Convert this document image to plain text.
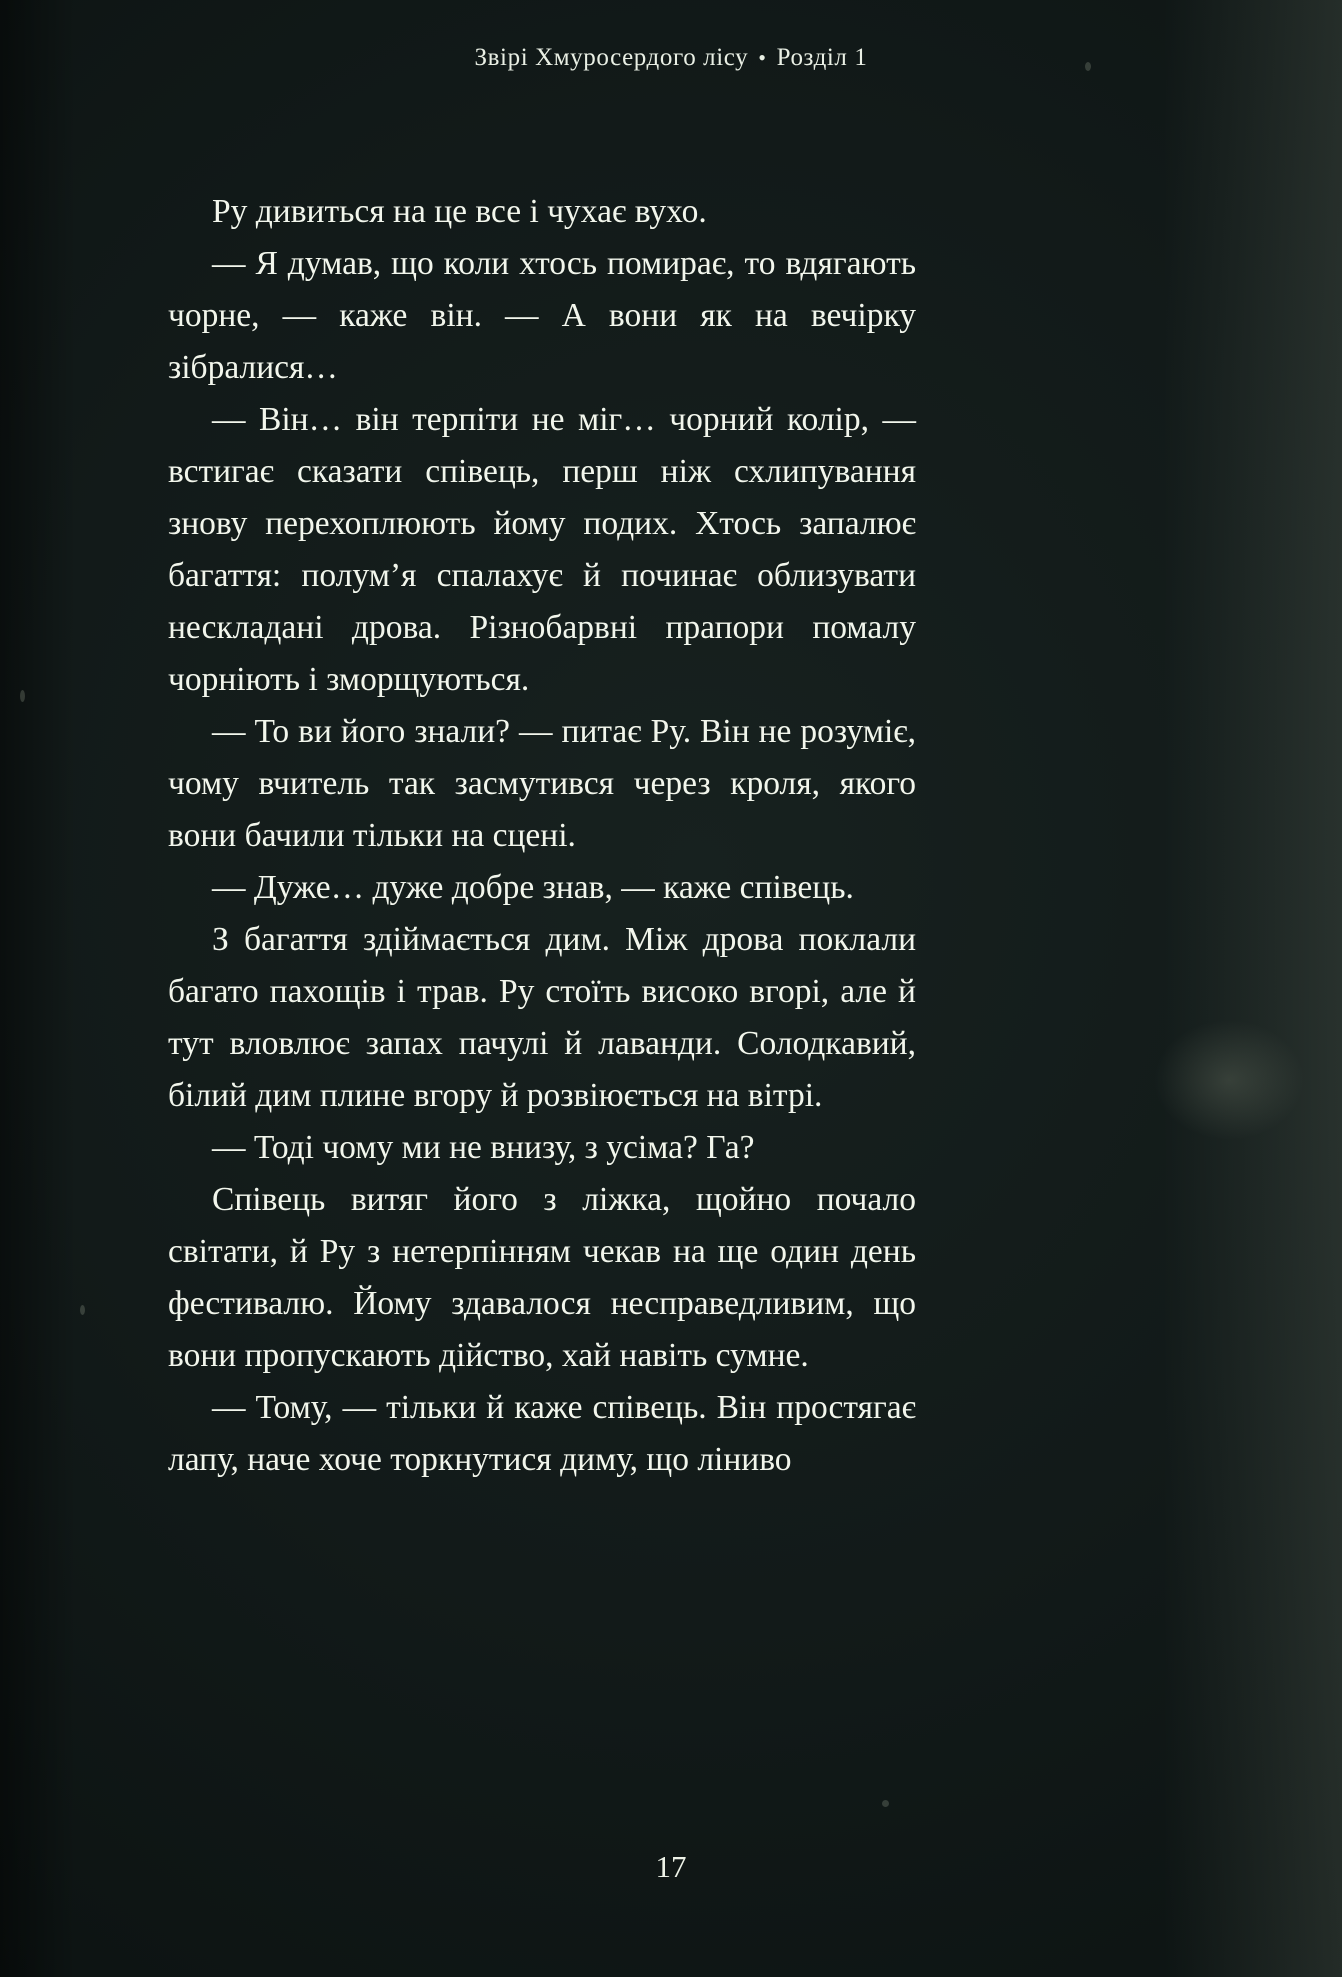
Звірі Хмуросердого лісу • Розділ 1

Ру дивиться на це все і чухає вухо.

— Я думав, що коли хтось помирає, то вдягають чорне, — каже він. — А вони як на вечірку зібралися…

— Він… він терпіти не міг… чорний колір, — встигає сказати співець, перш ніж схлипування знову перехоплюють йому подих. Хтось запалює багаття: полум’я спалахує й починає облизувати нескладані дрова. Різнобарвні прапори помалу чорніють і зморщуються.

— То ви його знали? — питає Ру. Він не розуміє, чому вчитель так засмутився через кроля, якого вони бачили тільки на сцені.

— Дуже… дуже добре знав, — каже співець.

З багаття здіймається дим. Між дрова поклали багато пахощів і трав. Ру стоїть високо вгорі, але й тут вловлює запах пачулі й лаванди. Солодкавий, білий дим плине вгору й розвіюється на вітрі.

— Тоді чому ми не внизу, з усіма? Га?

Співець витяг його з ліжка, щойно почало світати, й Ру з нетерпінням чекав на ще один день фестивалю. Йому здавалося несправедливим, що вони пропускають дійство, хай навіть сумне.

— Тому, — тільки й каже співець. Він простягає лапу, наче хоче торкнутися диму, що ліниво

17
